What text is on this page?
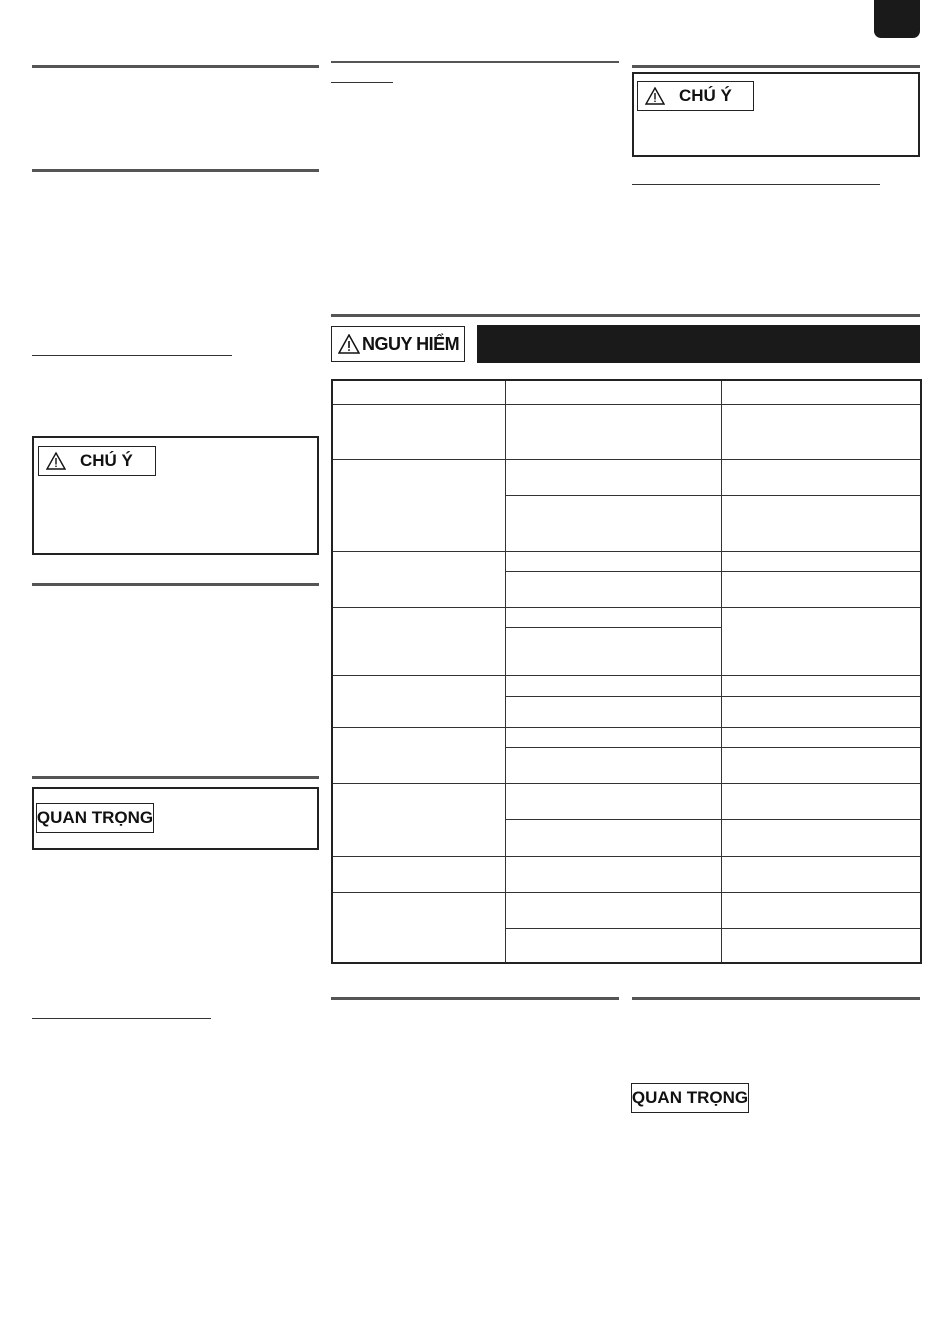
CHÚ Ý
QUAN TRỌNG
CHÚ Ý
NGUY HIỂM

QUAN TRỌNG
